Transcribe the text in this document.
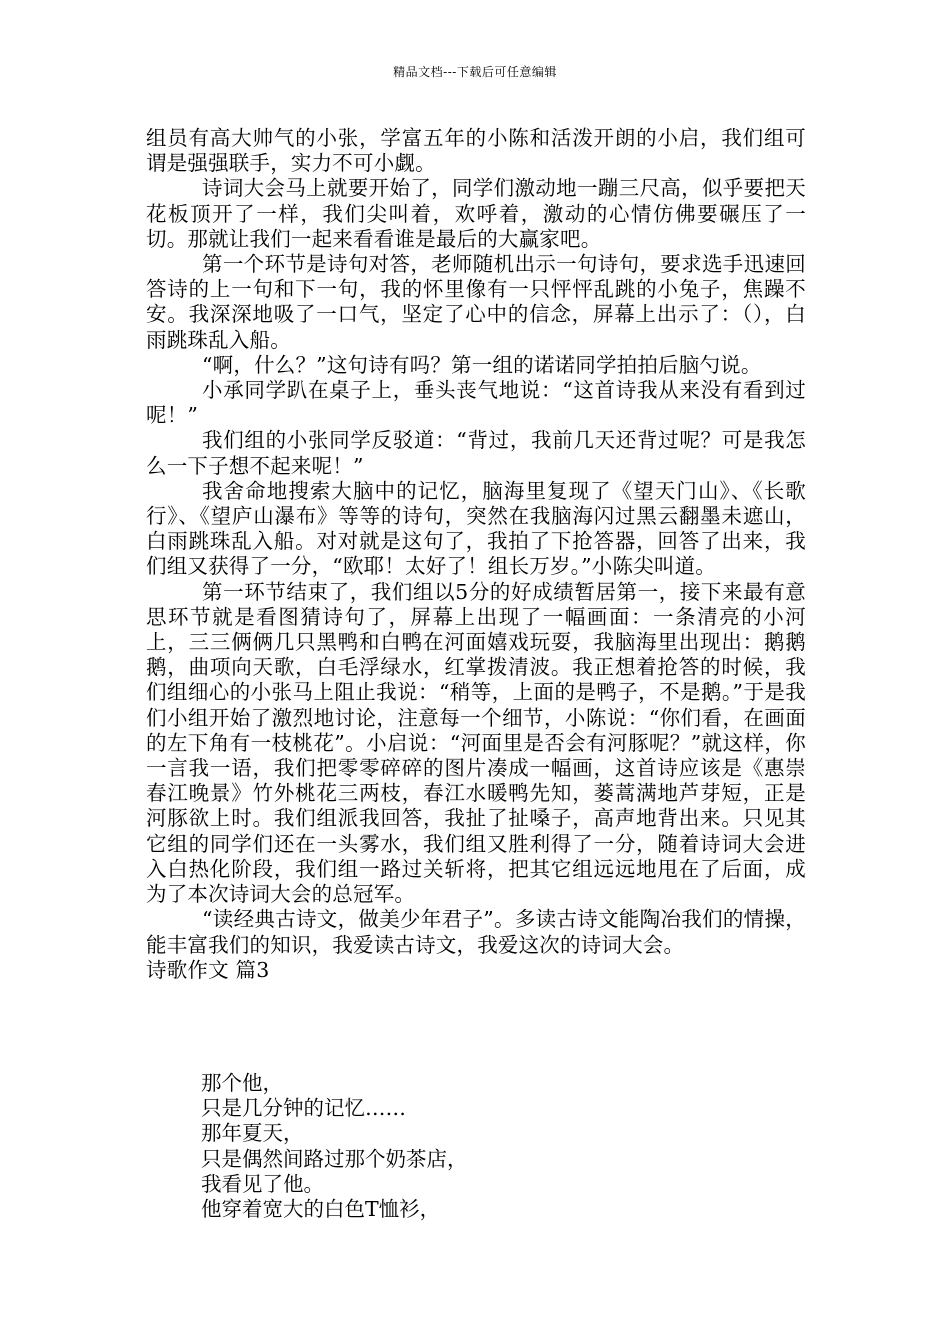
精品文档---下载后可任意编辑

组员有高大帅气的小张，学富五年的小陈和活泼开朗的小启，我们组可谓是强强联手，实力不可小觑。

诗词大会马上就要开始了，同学们激动地一蹦三尺高，似乎要把天花板顶开了一样，我们尖叫着，欢呼着，激动的心情仿佛要碾压了一切。那就让我们一起来看看谁是最后的大赢家吧。

第一个环节是诗句对答，老师随机出示一句诗句，要求选手迅速回答诗的上一句和下一句，我的怀里像有一只怦怦乱跳的小兔子，焦躁不安。我深深地吸了一口气，坚定了心中的信念，屏幕上出示了：（），白雨跳珠乱入船。

“啊，什么？”这句诗有吗？第一组的诺诺同学拍拍后脑勺说。

小承同学趴在桌子上，垂头丧气地说：“这首诗我从来没有看到过呢！”

我们组的小张同学反驳道：“背过，我前几天还背过呢？可是我怎么一下子想不起来呢！”

我舍命地搜索大脑中的记忆，脑海里复现了《望天门山》、《长歌行》、《望庐山瀑布》等等的诗句，突然在我脑海闪过黑云翻墨未遮山，白雨跳珠乱入船。对对就是这句了，我拍了下抢答器，回答了出来，我们组又获得了一分，“欧耶！太好了！组长万岁。”小陈尖叫道。

第一环节结束了，我们组以5分的好成绩暂居第一，接下来最有意思环节就是看图猜诗句了，屏幕上出现了一幅画面：一条清亮的小河上，三三俩俩几只黑鸭和白鸭在河面嬉戏玩耍，我脑海里出现出：鹅鹅鹅，曲项向天歌，白毛浮绿水，红掌拨清波。我正想着抢答的时候，我们组细心的小张马上阻止我说：“稍等，上面的是鸭子，不是鹅。”于是我们小组开始了激烈地讨论，注意每一个细节，小陈说：“你们看，在画面的左下角有一枝桃花”。小启说：“河面里是否会有河豚呢？”就这样，你一言我一语，我们把零零碎碎的图片凑成一幅画，这首诗应该是《惠崇春江晚景》竹外桃花三两枝，春江水暖鸭先知，蒌蒿满地芦芽短，正是河豚欲上时。我们组派我回答，我扯了扯嗓子，高声地背出来。只见其它组的同学们还在一头雾水，我们组又胜利得了一分，随着诗词大会进入白热化阶段，我们组一路过关斩将，把其它组远远地甩在了后面，成为了本次诗词大会的总冠军。

“读经典古诗文，做美少年君子”。多读古诗文能陶冶我们的情操，能丰富我们的知识，我爱读古诗文，我爱这次的诗词大会。

诗歌作文 篇3

那个他，
只是几分钟的记忆……
那年夏天，
只是偶然间路过那个奶茶店，
我看见了他。
他穿着宽大的白色T恤衫，
